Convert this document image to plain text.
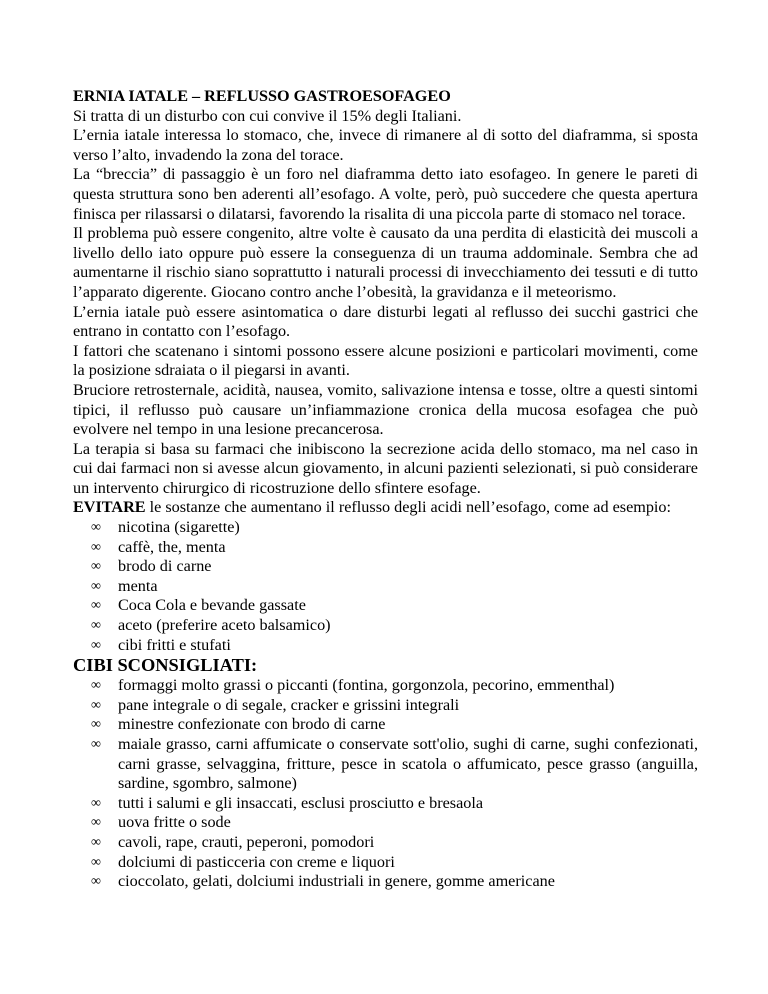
ERNIA IATALE – REFLUSSO GASTROESOFAGEO

Si tratta di un disturbo con cui convive il 15% degli Italiani.

L’ernia iatale interessa lo stomaco, che, invece di rimanere al di sotto del diaframma, si sposta verso l’alto, invadendo la zona del torace.

La “breccia” di passaggio è un foro nel diaframma detto iato esofageo. In genere le pareti di questa struttura sono ben aderenti all’esofago. A volte, però, può succedere che questa apertura finisca per rilassarsi o dilatarsi, favorendo la risalita di una piccola parte di stomaco nel torace.

Il problema può essere congenito, altre volte è causato da una perdita di elasticità dei muscoli a livello dello iato oppure può essere la conseguenza di un trauma addominale. Sembra che ad aumentarne il rischio siano soprattutto i naturali processi di invecchiamento dei tessuti e di tutto l’apparato digerente. Giocano contro anche l’obesità, la gravidanza e il meteorismo.

L’ernia iatale può essere asintomatica o dare disturbi legati al reflusso dei succhi gastrici che entrano in contatto con l’esofago.

I fattori che scatenano i sintomi possono essere alcune posizioni e particolari movimenti, come la posizione sdraiata o il piegarsi in avanti.

Bruciore retrosternale, acidità, nausea, vomito, salivazione intensa e tosse, oltre a questi sintomi tipici, il reflusso può causare un’infiammazione cronica della mucosa esofagea che può evolvere nel tempo in una lesione precancerosa.

La terapia si basa su farmaci che inibiscono la secrezione acida dello stomaco, ma nel caso in cui dai farmaci non si avesse alcun giovamento, in alcuni pazienti selezionati, si può considerare un intervento chirurgico di ricostruzione dello sfintere esofage.

EVITARE le sostanze che aumentano il reflusso degli acidi nell’esofago, come ad esempio:

∞ nicotina (sigarette)
∞ caffè, the, menta
∞ brodo di carne
∞ menta
∞ Coca Cola e bevande gassate
∞ aceto (preferire aceto balsamico)
∞ cibi fritti e stufati

CIBI SCONSIGLIATI:

∞ formaggi molto grassi o piccanti (fontina, gorgonzola, pecorino, emmenthal)
∞ pane integrale o di segale, cracker e grissini integrali
∞ minestre confezionate con brodo di carne
∞ maiale grasso, carni affumicate o conservate sott'olio, sughi di carne, sughi confezionati, carni grasse, selvaggina, fritture, pesce in scatola o affumicato, pesce grasso (anguilla, sardine, sgombro, salmone)
∞ tutti i salumi e gli insaccati, esclusi prosciutto e bresaola
∞ uova fritte o sode
∞ cavoli, rape, crauti, peperoni, pomodori
∞ dolciumi di pasticceria con creme e liquori
∞ cioccolato, gelati, dolciumi industriali in genere, gomme americane
